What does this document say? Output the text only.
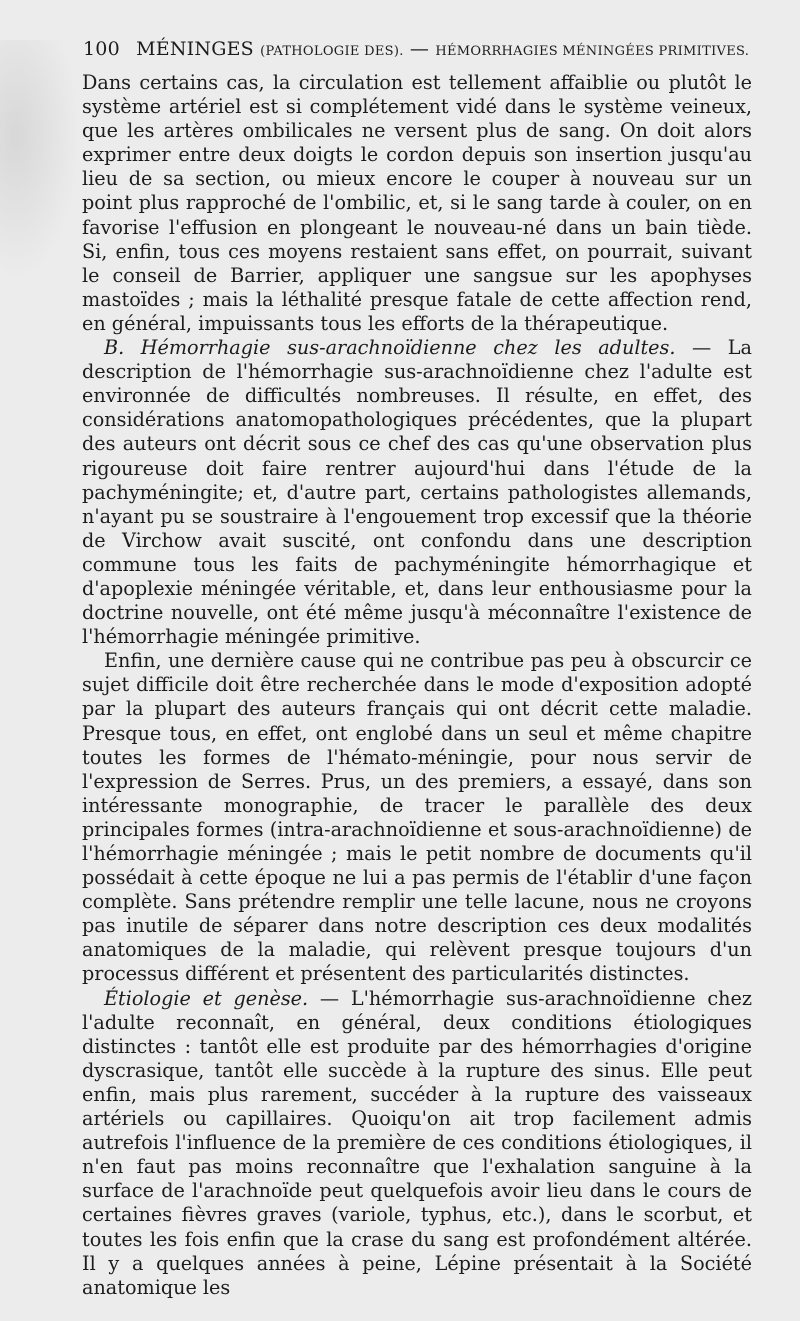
100 MÉNINGES (PATHOLOGIE DES). — HÉMORRHAGIES MÉNINGÉES PRIMITIVES.

Dans certains cas, la circulation est tellement affaiblie ou plutôt le système artériel est si complétement vidé dans le système veineux, que les artères ombilicales ne versent plus de sang. On doit alors exprimer entre deux doigts le cordon depuis son insertion jusqu'au lieu de sa section, ou mieux encore le couper à nouveau sur un point plus rapproché de l'ombilic, et, si le sang tarde à couler, on en favorise l'effusion en plongeant le nouveau-né dans un bain tiède. Si, enfin, tous ces moyens restaient sans effet, on pourrait, suivant le conseil de Barrier, appliquer une sangsue sur les apophyses mastoïdes ; mais la léthalité presque fatale de cette affection rend, en général, impuissants tous les efforts de la thérapeutique.

B. Hémorrhagie sus-arachnoïdienne chez les adultes. — La description de l'hémorrhagie sus-arachnoïdienne chez l'adulte est environnée de difficultés nombreuses. Il résulte, en effet, des considérations anatomopathologiques précédentes, que la plupart des auteurs ont décrit sous ce chef des cas qu'une observation plus rigoureuse doit faire rentrer aujourd'hui dans l'étude de la pachyméningite; et, d'autre part, certains pathologistes allemands, n'ayant pu se soustraire à l'engouement trop excessif que la théorie de Virchow avait suscité, ont confondu dans une description commune tous les faits de pachyméningite hémorrhagique et d'apoplexie méningée véritable, et, dans leur enthousiasme pour la doctrine nouvelle, ont été même jusqu'à méconnaître l'existence de l'hémorrhagie méningée primitive.

Enfin, une dernière cause qui ne contribue pas peu à obscurcir ce sujet difficile doit être recherchée dans le mode d'exposition adopté par la plupart des auteurs français qui ont décrit cette maladie. Presque tous, en effet, ont englobé dans un seul et même chapitre toutes les formes de l'hémato-méningie, pour nous servir de l'expression de Serres. Prus, un des premiers, a essayé, dans son intéressante monographie, de tracer le parallèle des deux principales formes (intra-arachnoïdienne et sous-arachnoïdienne) de l'hémorrhagie méningée ; mais le petit nombre de documents qu'il possédait à cette époque ne lui a pas permis de l'établir d'une façon complète. Sans prétendre remplir une telle lacune, nous ne croyons pas inutile de séparer dans notre description ces deux modalités anatomiques de la maladie, qui relèvent presque toujours d'un processus différent et présentent des particularités distinctes.

Étiologie et genèse. — L'hémorrhagie sus-arachnoïdienne chez l'adulte reconnaît, en général, deux conditions étiologiques distinctes : tantôt elle est produite par des hémorrhagies d'origine dyscrasique, tantôt elle succède à la rupture des sinus. Elle peut enfin, mais plus rarement, succéder à la rupture des vaisseaux artériels ou capillaires. Quoiqu'on ait trop facilement admis autrefois l'influence de la première de ces conditions étiologiques, il n'en faut pas moins reconnaître que l'exhalation sanguine à la surface de l'arachnoïde peut quelquefois avoir lieu dans le cours de certaines fièvres graves (variole, typhus, etc.), dans le scorbut, et toutes les fois enfin que la crase du sang est profondément altérée. Il y a quelques années à peine, Lépine présentait à la Société anatomique les
